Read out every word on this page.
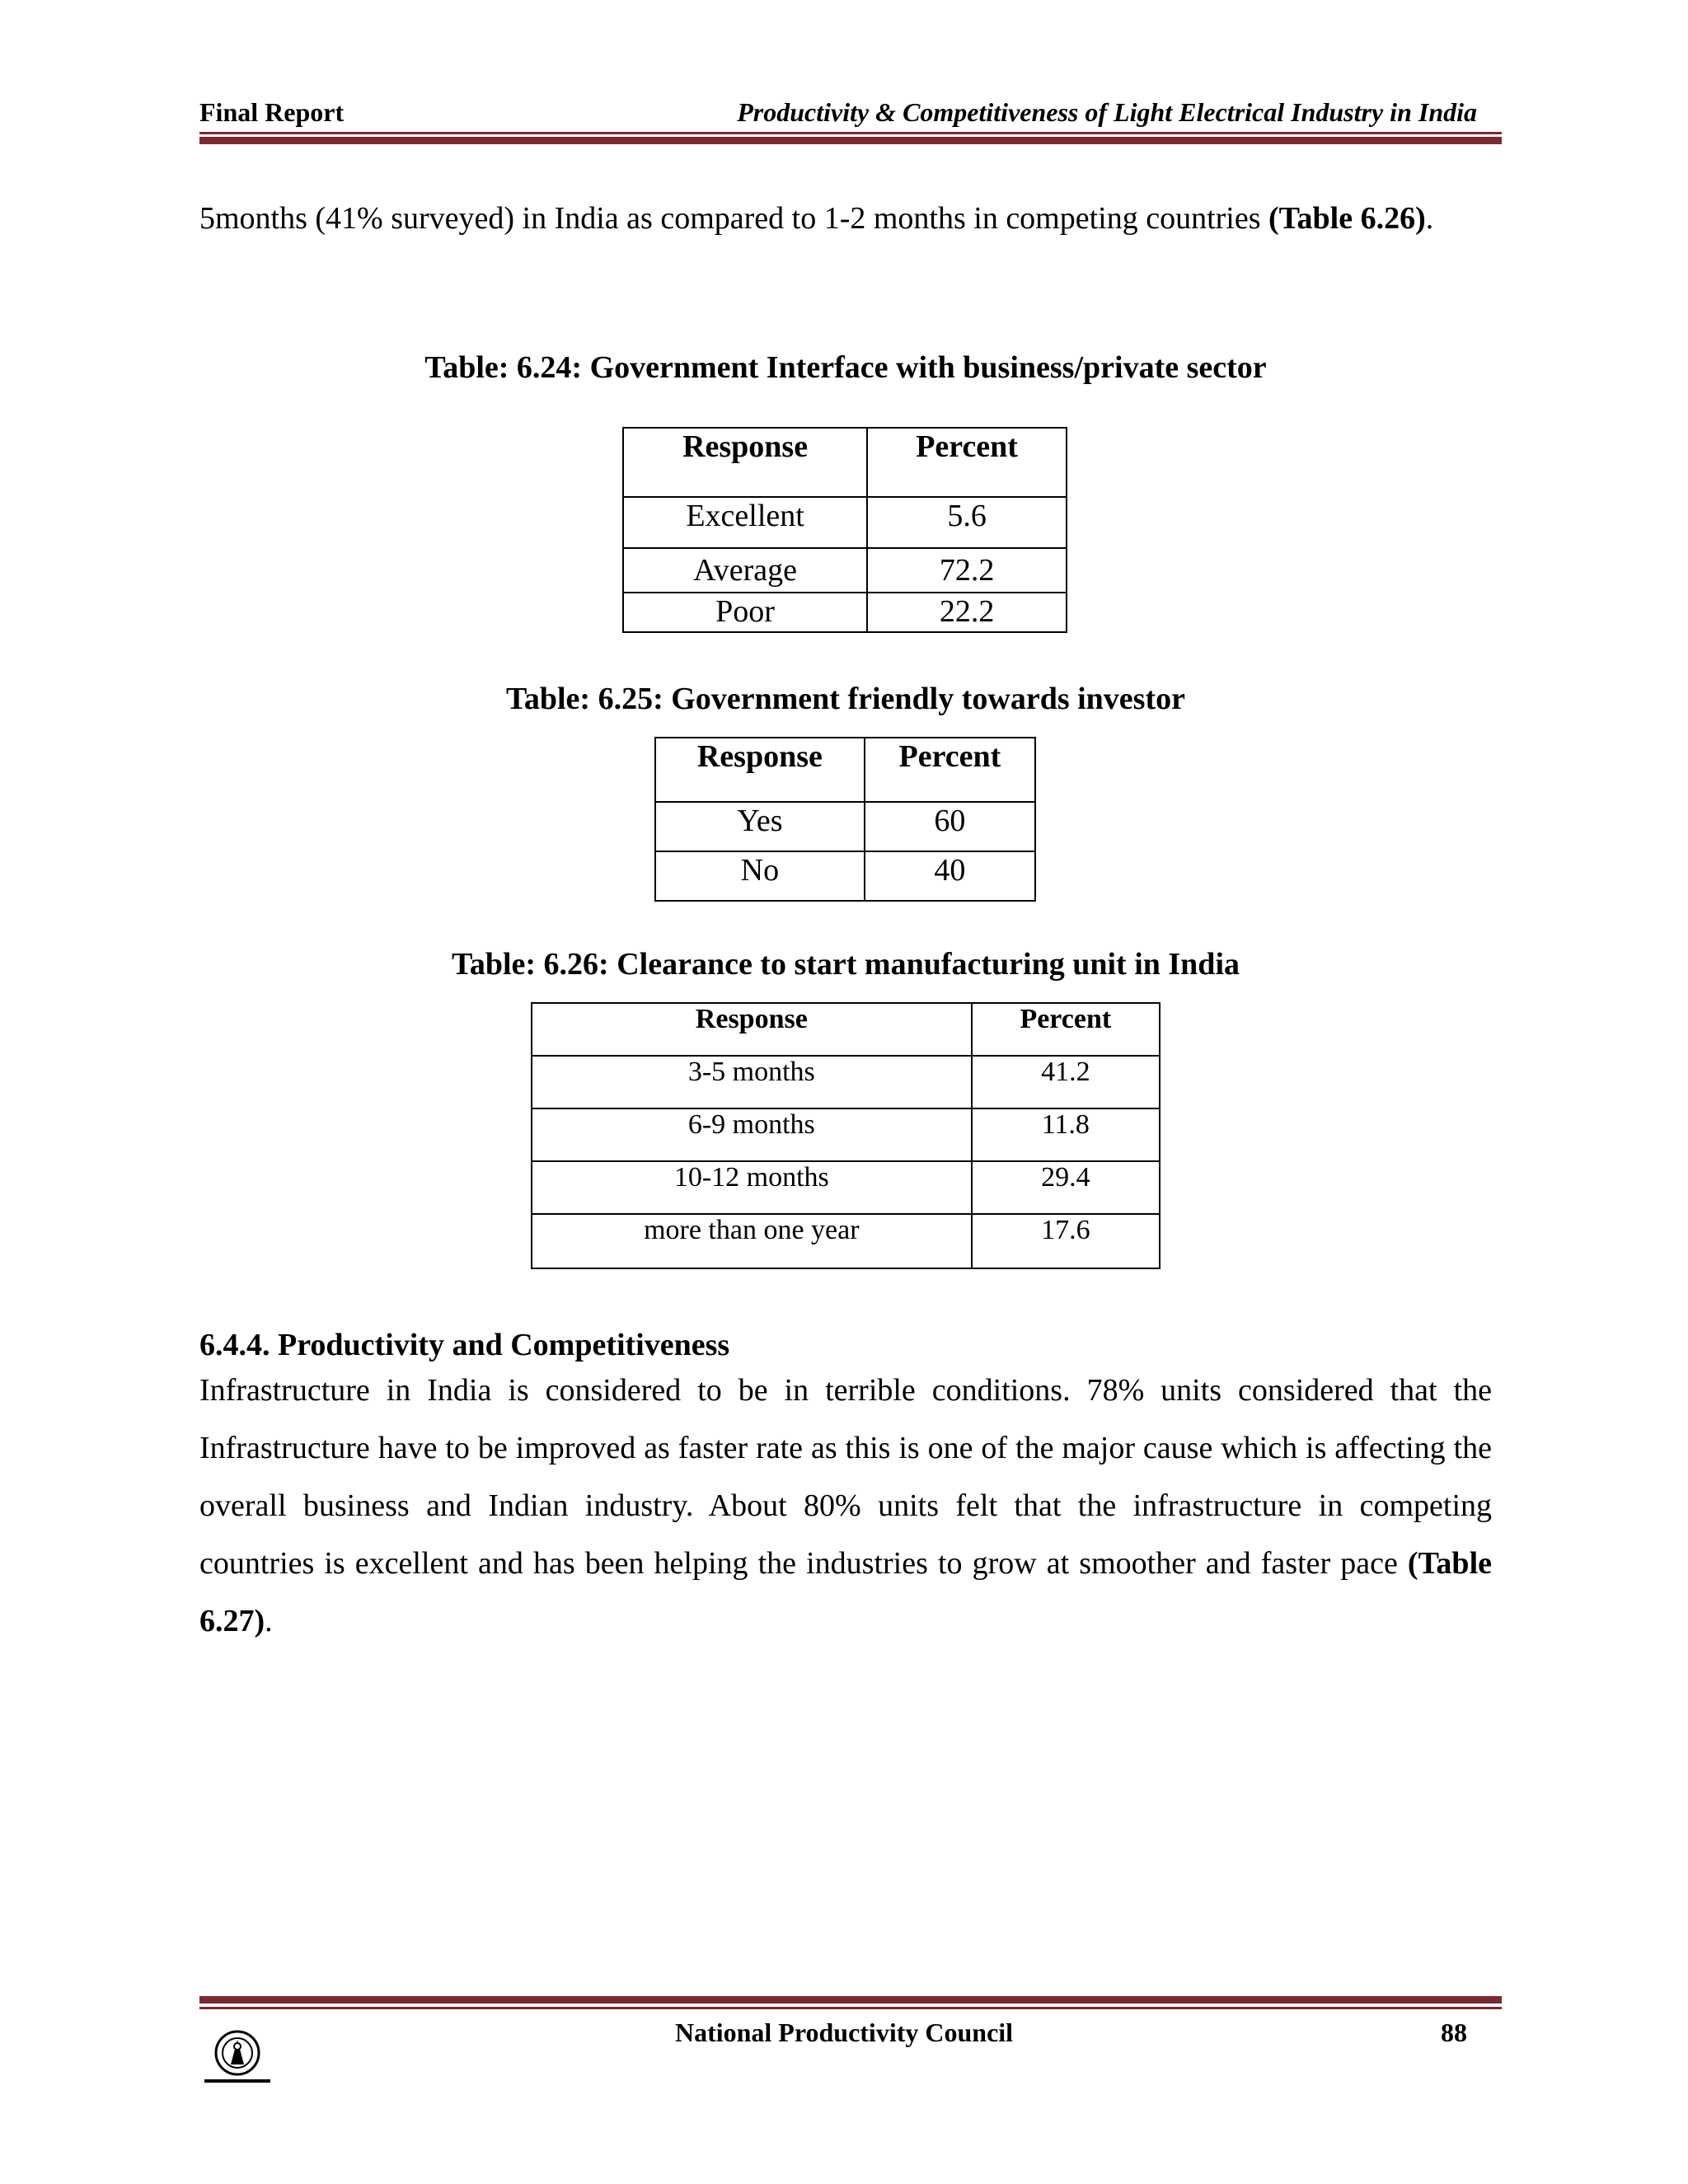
Final Report	Productivity & Competitiveness of Light Electrical Industry in India
5months (41% surveyed) in India as compared to 1-2 months in competing countries (Table 6.26).
Table: 6.24: Government Interface with business/private sector
Response	Percent
Excellent	5.6
Average	72.2
Poor	22.2
Table: 6.25: Government friendly towards investor
Response	Percent
Yes	60
No	40
Table: 6.26: Clearance to start manufacturing unit in India
Response	Percent
3-5 months	41.2
6-9 months	11.8
10-12 months	29.4
more than one year	17.6
6.4.4. Productivity and Competitiveness
Infrastructure in India is considered to be in terrible conditions. 78% units considered that the Infrastructure have to be improved as faster rate as this is one of the major cause which is affecting the overall business and Indian industry. About 80% units felt that the infrastructure in competing countries is excellent and has been helping the industries to grow at smoother and faster pace (Table 6.27).
National Productivity Council	88
